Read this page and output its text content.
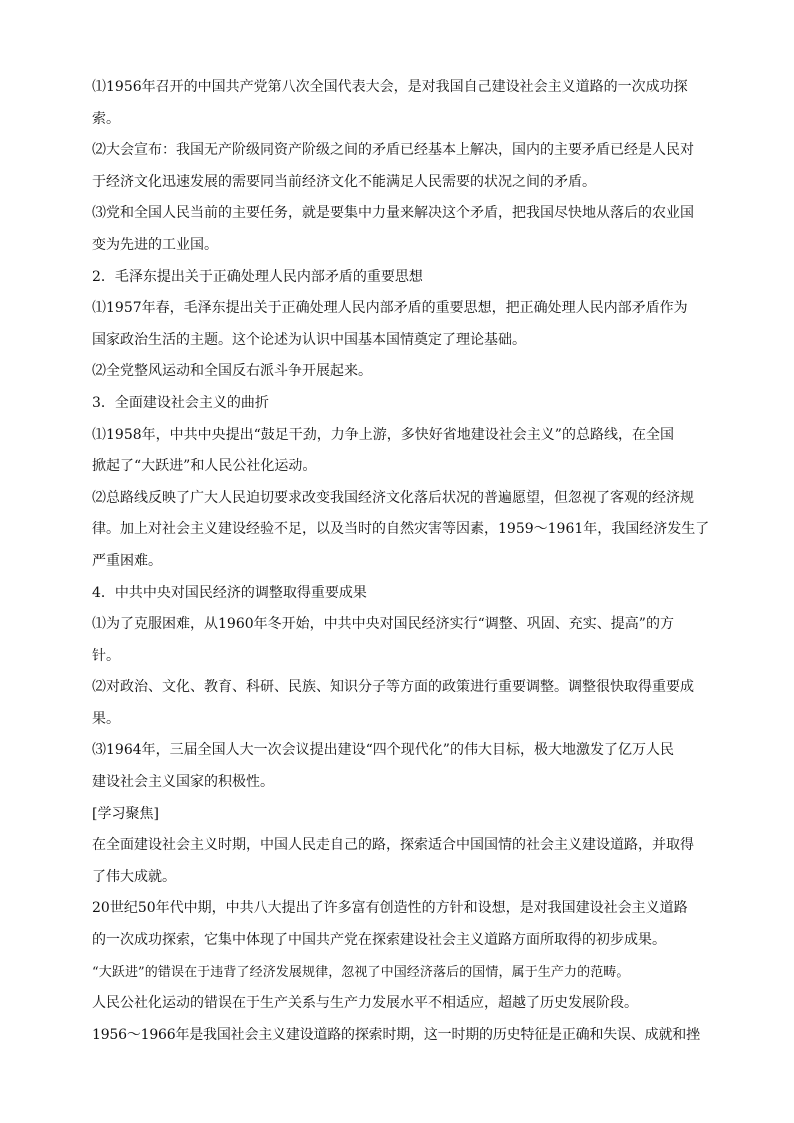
⑴1956年召开的中国共产党第八次全国代表大会，是对我国自己建设社会主义道路的一次成功探

索。

⑵大会宣布：我国无产阶级同资产阶级之间的矛盾已经基本上解决，国内的主要矛盾已经是人民对

于经济文化迅速发展的需要同当前经济文化不能满足人民需要的状况之间的矛盾。

⑶党和全国人民当前的主要任务，就是要集中力量来解决这个矛盾，把我国尽快地从落后的农业国

变为先进的工业国。

2．毛泽东提出关于正确处理人民内部矛盾的重要思想

⑴1957年春，毛泽东提出关于正确处理人民内部矛盾的重要思想，把正确处理人民内部矛盾作为

国家政治生活的主题。这个论述为认识中国基本国情奠定了理论基础。

⑵全党整风运动和全国反右派斗争开展起来。

3．全面建设社会主义的曲折

⑴1958年，中共中央提出“鼓足干劲，力争上游，多快好省地建设社会主义”的总路线，在全国

掀起了“大跃进”和人民公社化运动。

⑵总路线反映了广大人民迫切要求改变我国经济文化落后状况的普遍愿望，但忽视了客观的经济规

律。加上对社会主义建设经验不足，以及当时的自然灾害等因素，1959～1961年，我国经济发生了

严重困难。

4．中共中央对国民经济的调整取得重要成果

⑴为了克服困难，从1960年冬开始，中共中央对国民经济实行“调整、巩固、充实、提高”的方

针。

⑵对政治、文化、教育、科研、民族、知识分子等方面的政策进行重要调整。调整很快取得重要成

果。

⑶1964年，三届全国人大一次会议提出建设“四个现代化”的伟大目标，极大地激发了亿万人民

建设社会主义国家的积极性。

[学习聚焦]

在全面建设社会主义时期，中国人民走自己的路，探索适合中国国情的社会主义建设道路，并取得

了伟大成就。

20世纪50年代中期，中共八大提出了许多富有创造性的方针和设想，是对我国建设社会主义道路

的一次成功探索，它集中体现了中国共产党在探索建设社会主义道路方面所取得的初步成果。

“大跃进”的错误在于违背了经济发展规律，忽视了中国经济落后的国情，属于生产力的范畴。

人民公社化运动的错误在于生产关系与生产力发展水平不相适应，超越了历史发展阶段。

1956～1966年是我国社会主义建设道路的探索时期，这一时期的历史特征是正确和失误、成就和挫
